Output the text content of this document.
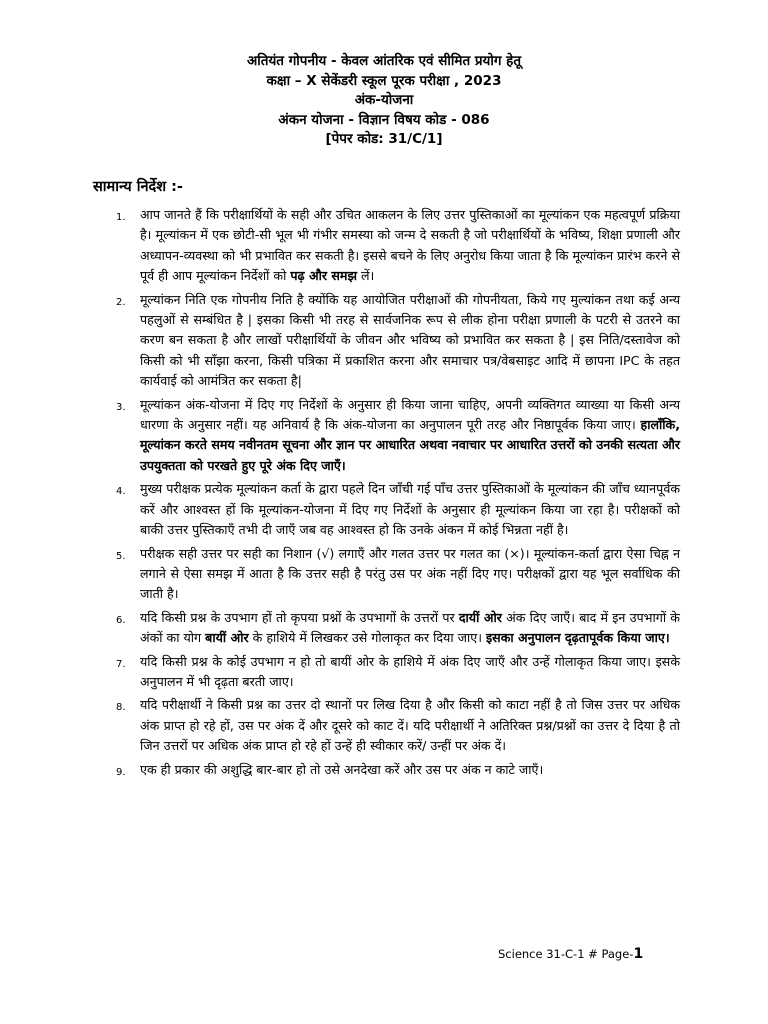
अतियंत गोपनीय - केवल आंतरिक एवं सीमित प्रयोग हेतू
कक्षा – X सेकेंडरी स्कूल पूरक परीक्षा , 2023
अंक-योजना
अंकन योजना - विज्ञान विषय कोड - 086
[पेपर कोड: 31/C/1]
सामान्य निर्देश :-
1. आप जानते हैं कि परीक्षार्थियों के सही और उचित आकलन के लिए उत्तर पुस्तिकाओं का मूल्यांकन एक महत्वपूर्ण प्रक्रिया है। मूल्यांकन में एक छोटी-सी भूल भी गंभीर समस्या को जन्म दे सकती है जो परीक्षार्थियों के भविष्य, शिक्षा प्रणाली और अध्यापन-व्यवस्था को भी प्रभावित कर सकती है। इससे बचने के लिए अनुरोध किया जाता है कि मूल्यांकन प्रारंभ करने से पूर्व ही आप मूल्यांकन निर्देशों को पढ़ और समझ लें।
2. मूल्यांकन निति एक गोपनीय निति है क्योंकि यह आयोजित परीक्षाओं की गोपनीयता, किये गए मुल्यांकन तथा कई अन्य पहलुओं से सम्बंधित है | इसका किसी भी तरह से सार्वजनिक रूप से लीक होना परीक्षा प्रणाली के पटरी से उतरने का करण बन सकता है और लाखों परीक्षार्थियों के जीवन और भविष्य को प्रभावित कर सकता है | इस निति/दस्तावेज को किसी को भी साँझा करना, किसी पत्रिका में प्रकाशित करना और समाचार पत्र/वेबसाइट आदि में छापना IPC के तहत कार्यवाई को आमंत्रित कर सकता है|
3. मूल्यांकन अंक-योजना में दिए गए निर्देशों के अनुसार ही किया जाना चाहिए, अपनी व्यक्तिगत व्याख्या या किसी अन्य धारणा के अनुसार नहीं। यह अनिवार्य है कि अंक-योजना का अनुपालन पूरी तरह और निष्ठापूर्वक किया जाए। हालाँकि, मूल्यांकन करते समय नवीनतम सूचना और ज्ञान पर आधारित अथवा नवाचार पर आधारित उत्तरों को उनकी सत्यता और उपयुक्तता को परखते हुए पूरे अंक दिए जाएँ।
4. मुख्य परीक्षक प्रत्येक मूल्यांकन कर्ता के द्वारा पहले दिन जाँची गई पाँच उत्तर पुस्तिकाओं के मूल्यांकन की जाँच ध्यानपूर्वक करें और आश्वस्त हों कि मूल्यांकन-योजना में दिए गए निर्देशों के अनुसार ही मूल्यांकन किया जा रहा है। परीक्षकों को बाकी उत्तर पुस्तिकाएँ तभी दी जाएँ जब वह आश्वस्त हो कि उनके अंकन में कोई भिन्नता नहीं है।
5. परीक्षक सही उत्तर पर सही का निशान (√) लगाएँ और गलत उत्तर पर गलत का (×)। मूल्यांकन-कर्ता द्वारा ऐसा चिह्न न लगाने से ऐसा समझ में आता है कि उत्तर सही है परंतु उस पर अंक नहीं दिए गए। परीक्षकों द्वारा यह भूल सर्वाधिक की जाती है।
6. यदि किसी प्रश्न के उपभाग हों तो कृपया प्रश्नों के उपभागों के उत्तरों पर दायीं ओर अंक दिए जाएँ। बाद में इन उपभागों के अंकों का योग बायीं ओर के हाशिये में लिखकर उसे गोलाकृत कर दिया जाए। इसका अनुपालन दृढ़तापूर्वक किया जाए।
7. यदि किसी प्रश्न के कोई उपभाग न हो तो बायीं ओर के हाशिये में अंक दिए जाएँ और उन्हें गोलाकृत किया जाए। इसके अनुपालन में भी दृढ़ता बरती जाए।
8. यदि परीक्षार्थी ने किसी प्रश्न का उत्तर दो स्थानों पर लिख दिया है और किसी को काटा नहीं है तो जिस उत्तर पर अधिक अंक प्राप्त हो रहे हों, उस पर अंक दें और दूसरे को काट दें। यदि परीक्षार्थी ने अतिरिक्त प्रश्न/प्रश्नों का उत्तर दे दिया है तो जिन उत्तरों पर अधिक अंक प्राप्त हो रहे हों उन्हें ही स्वीकार करें/ उन्हीं पर अंक दें।
9. एक ही प्रकार की अशुद्धि बार-बार हो तो उसे अनदेखा करें और उस पर अंक न काटे जाएँ।
Science 31-C-1 # Page-1
